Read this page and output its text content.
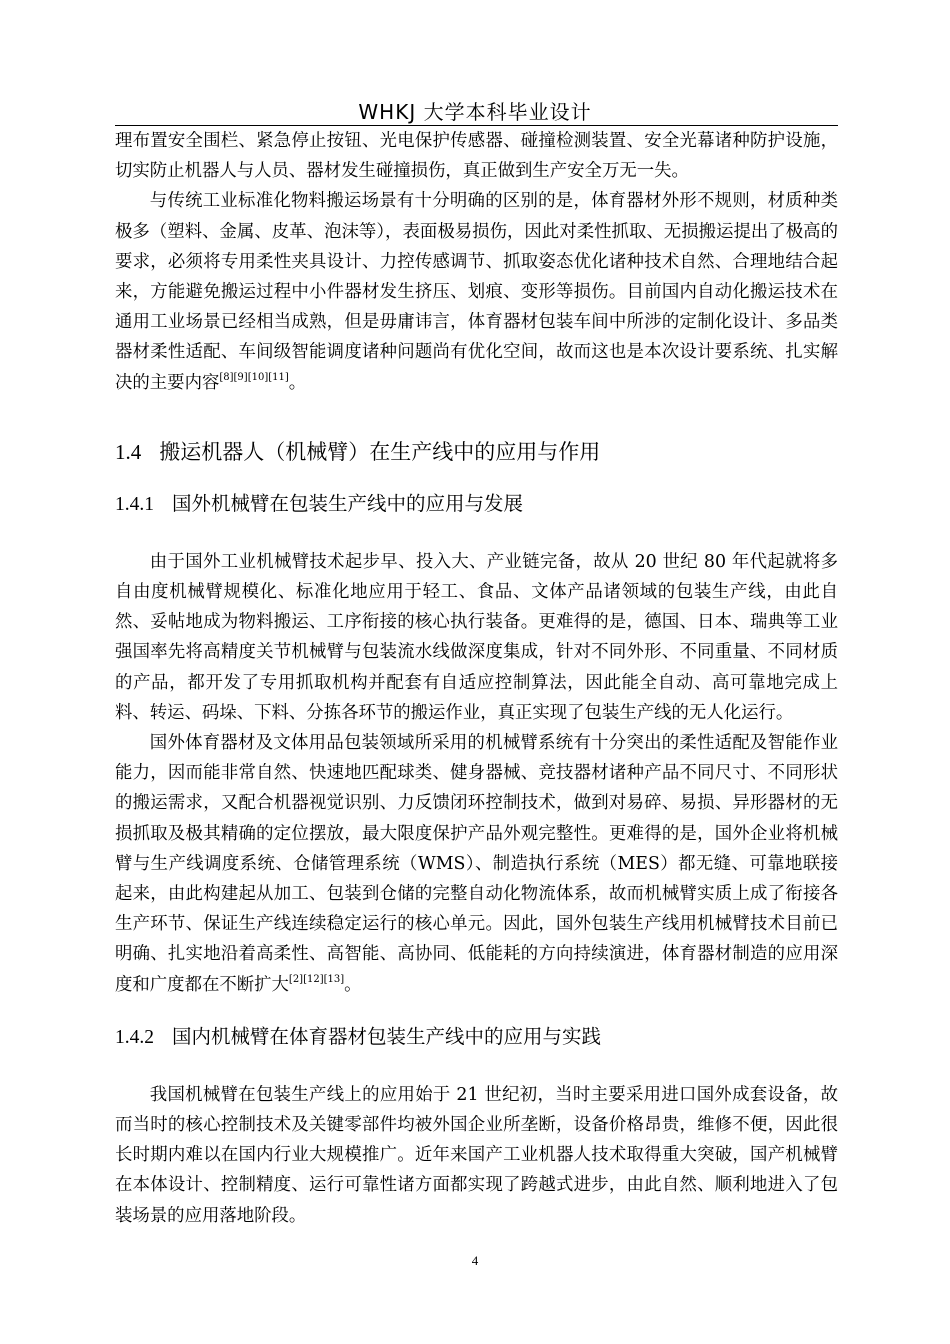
WHKJ 大学本科毕业设计

理布置安全围栏、紧急停止按钮、光电保护传感器、碰撞检测装置、安全光幕诸种防护设施，切实防止机器人与人员、器材发生碰撞损伤，真正做到生产安全万无一失。

与传统工业标准化物料搬运场景有十分明确的区别的是，体育器材外形不规则，材质种类极多（塑料、金属、皮革、泡沫等），表面极易损伤，因此对柔性抓取、无损搬运提出了极高的要求，必须将专用柔性夹具设计、力控传感调节、抓取姿态优化诸种技术自然、合理地结合起来，方能避免搬运过程中小件器材发生挤压、划痕、变形等损伤。目前国内自动化搬运技术在通用工业场景已经相当成熟，但是毋庸讳言，体育器材包装车间中所涉的定制化设计、多品类器材柔性适配、车间级智能调度诸种问题尚有优化空间，故而这也是本次设计要系统、扎实解决的主要内容[8][9][10][11]。

1.4 搬运机器人（机械臂）在生产线中的应用与作用
1.4.1 国外机械臂在包装生产线中的应用与发展

由于国外工业机械臂技术起步早、投入大、产业链完备，故从 20 世纪 80 年代起就将多自由度机械臂规模化、标准化地应用于轻工、食品、文体产品诸领域的包装生产线，由此自然、妥帖地成为物料搬运、工序衔接的核心执行装备。更难得的是，德国、日本、瑞典等工业强国率先将高精度关节机械臂与包装流水线做深度集成，针对不同外形、不同重量、不同材质的产品，都开发了专用抓取机构并配套有自适应控制算法，因此能全自动、高可靠地完成上料、转运、码垛、下料、分拣各环节的搬运作业，真正实现了包装生产线的无人化运行。

国外体育器材及文体用品包装领域所采用的机械臂系统有十分突出的柔性适配及智能作业能力，因而能非常自然、快速地匹配球类、健身器械、竞技器材诸种产品不同尺寸、不同形状的搬运需求，又配合机器视觉识别、力反馈闭环控制技术，做到对易碎、易损、异形器材的无损抓取及极其精确的定位摆放，最大限度保护产品外观完整性。更难得的是，国外企业将机械臂与生产线调度系统、仓储管理系统（WMS）、制造执行系统（MES）都无缝、可靠地联接起来，由此构建起从加工、包装到仓储的完整自动化物流体系，故而机械臂实质上成了衔接各生产环节、保证生产线连续稳定运行的核心单元。因此，国外包装生产线用机械臂技术目前已明确、扎实地沿着高柔性、高智能、高协同、低能耗的方向持续演进，体育器材制造的应用深度和广度都在不断扩大[2][12][13]。

1.4.2 国内机械臂在体育器材包装生产线中的应用与实践

我国机械臂在包装生产线上的应用始于 21 世纪初，当时主要采用进口国外成套设备，故而当时的核心控制技术及关键零部件均被外国企业所垄断，设备价格昂贵，维修不便，因此很长时期内难以在国内行业大规模推广。近年来国产工业机器人技术取得重大突破，国产机械臂在本体设计、控制精度、运行可靠性诸方面都实现了跨越式进步，由此自然、顺利地进入了包装场景的应用落地阶段。

4
